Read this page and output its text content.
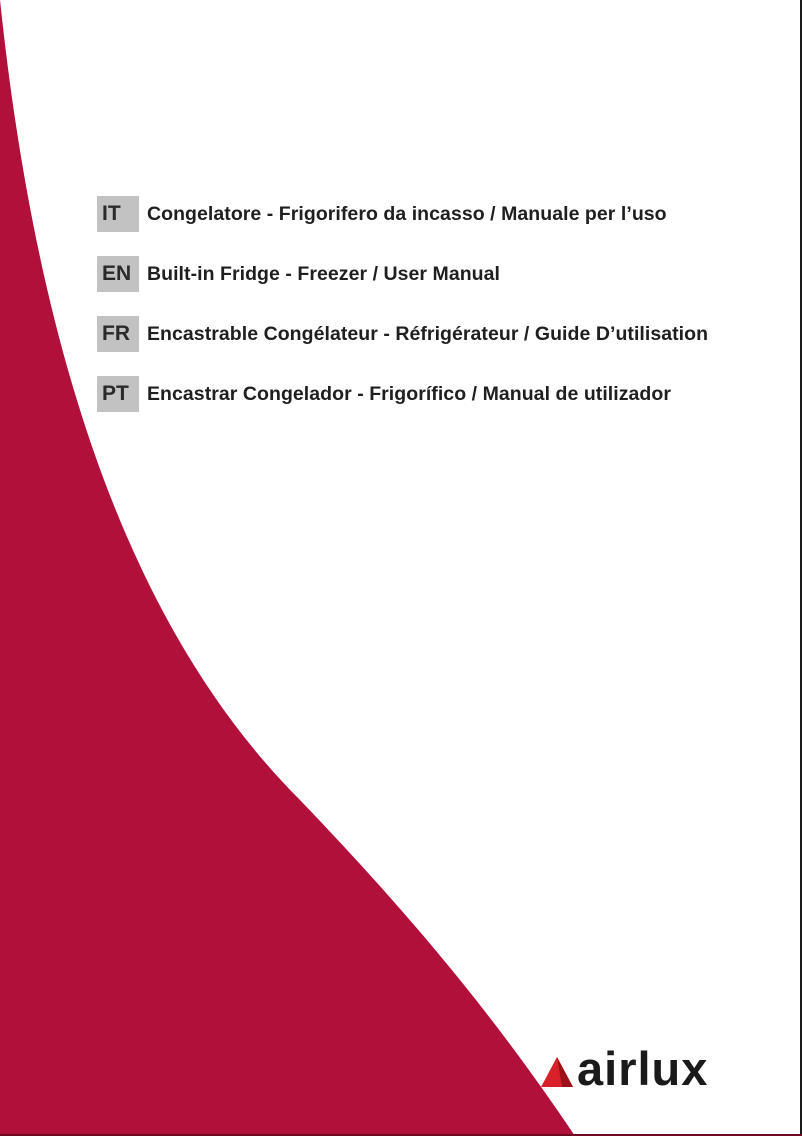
IT	Congelatore - Frigorifero da incasso / Manuale per l’uso
EN Built-in Fridge - Freezer / User Manual
FR Encastrable Congélateur - Réfrigérateur / Guide D’utilisation
PT Encastrar Congelador - Frigorífico / Manual de utilizador
airlux
